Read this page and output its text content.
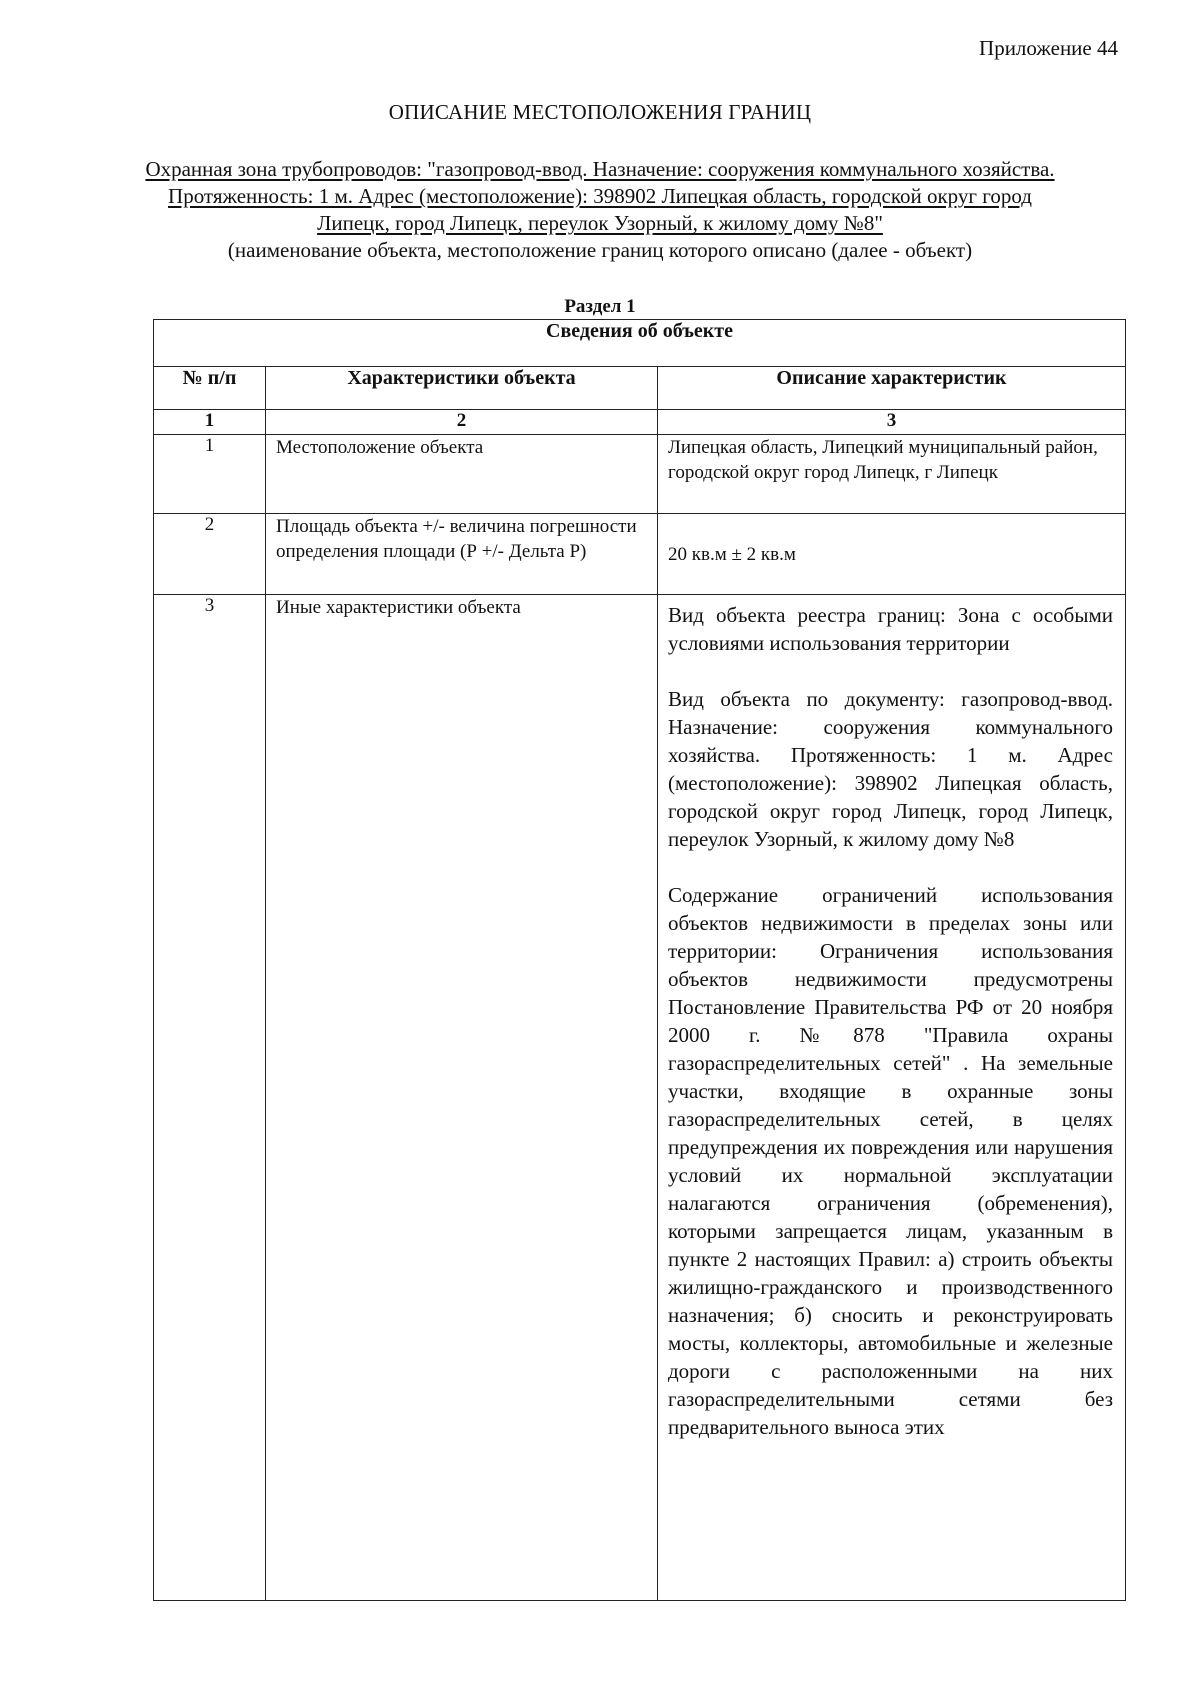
Приложение 44
ОПИСАНИЕ МЕСТОПОЛОЖЕНИЯ ГРАНИЦ
Охранная зона трубопроводов: "газопровод-ввод. Назначение: сооружения коммунального хозяйства. Протяженность: 1 м. Адрес (местоположение): 398902 Липецкая область, городской округ город Липецк, город Липецк, переулок Узорный, к жилому дому №8"
(наименование объекта, местоположение границ которого описано (далее - объект)
Раздел 1
Сведения об объекте		
№ п/п	Характеристики объекта	Описание характеристик
1	2	3
1	Местоположение объекта	Липецкая область, Липецкий муниципальный район, городской округ город Липецк, г Липецк
2	Площадь объекта +/- величина погрешности определения площади (Р +/- Дельта Р)	20 кв.м ± 2 кв.м
3	Иные характеристики объекта	Вид объекта реестра границ: Зона с особыми условиями использования территории
Вид объекта по документу: газопровод-ввод. Назначение: сооружения коммунального хозяйства. Протяженность: 1 м. Адрес (местоположение): 398902 Липецкая область, городской округ город Липецк, город Липецк, переулок Узорный, к жилому дому №8
Содержание ограничений использования объектов недвижимости в пределах зоны или территории: Ограничения использования объектов недвижимости предусмотрены Постановление Правительства РФ от 20 ноября 2000 г. №878 "Правила охраны газораспределительных сетей" . На земельные участки, входящие в охранные зоны газораспределительных сетей, в целях предупреждения их повреждения или нарушения условий их нормальной эксплуатации налагаются ограничения (обременения), которыми запрещается лицам, указанным в пункте 2 настоящих Правил: а) строить объекты жилищно-гражданского и производственного назначения; б) сносить и реконструировать мосты, коллекторы, автомобильные и железные дороги с расположенными на них газораспределительными сетями без предварительного выноса этих
